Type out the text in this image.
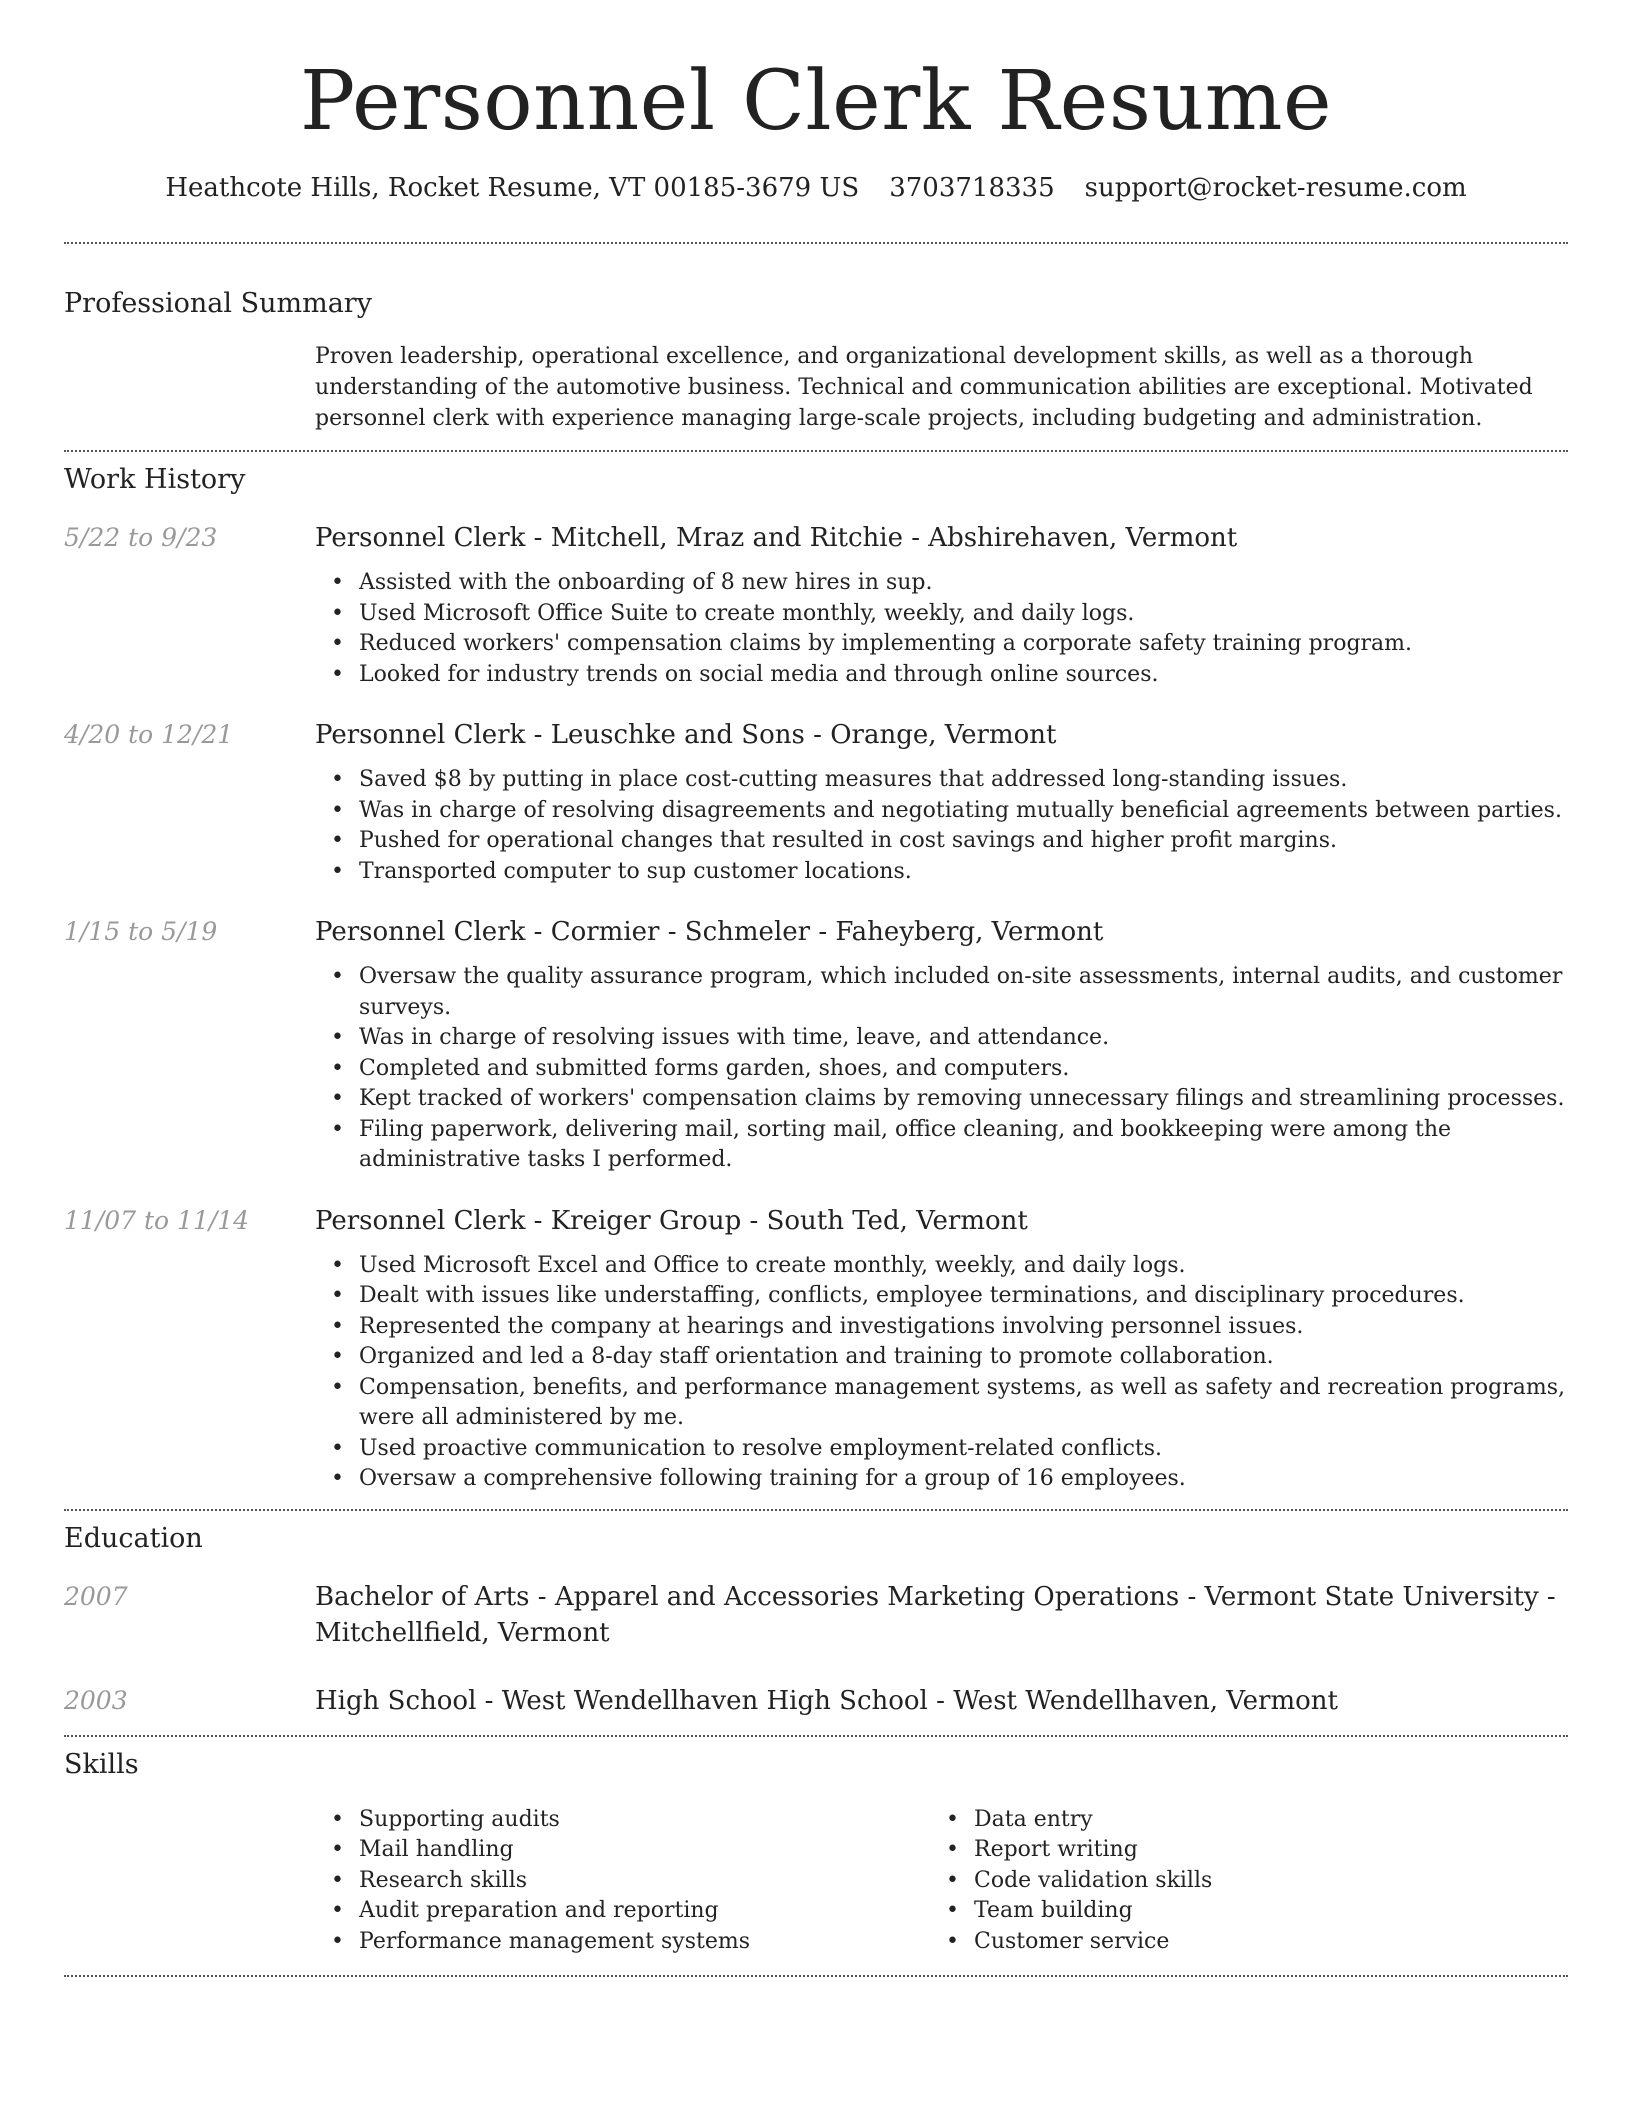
Personnel Clerk Resume
Heathcote Hills, Rocket Resume, VT 00185-3679 US 3703718335 support@rocket-resume.com
Professional Summary
Proven leadership, operational excellence, and organizational development skills, as well as a thorough understanding of the automotive business. Technical and communication abilities are exceptional. Motivated personnel clerk with experience managing large-scale projects, including budgeting and administration.
Work History
5/22 to 9/23	Personnel Clerk - Mitchell, Mraz and Ritchie - Abshirehaven, Vermont
• Assisted with the onboarding of 8 new hires in sup.
• Used Microsoft Office Suite to create monthly, weekly, and daily logs.
• Reduced workers' compensation claims by implementing a corporate safety training program.
• Looked for industry trends on social media and through online sources.
4/20 to 12/21	Personnel Clerk - Leuschke and Sons - Orange, Vermont
• Saved $8 by putting in place cost-cutting measures that addressed long-standing issues.
• Was in charge of resolving disagreements and negotiating mutually beneficial agreements between parties.
• Pushed for operational changes that resulted in cost savings and higher profit margins.
• Transported computer to sup customer locations.
1/15 to 5/19	Personnel Clerk - Cormier - Schmeler - Faheyberg, Vermont
• Oversaw the quality assurance program, which included on-site assessments, internal audits, and customer surveys.
• Was in charge of resolving issues with time, leave, and attendance.
• Completed and submitted forms garden, shoes, and computers.
• Kept tracked of workers' compensation claims by removing unnecessary filings and streamlining processes.
• Filing paperwork, delivering mail, sorting mail, office cleaning, and bookkeeping were among the administrative tasks I performed.
11/07 to 11/14	Personnel Clerk - Kreiger Group - South Ted, Vermont
• Used Microsoft Excel and Office to create monthly, weekly, and daily logs.
• Dealt with issues like understaffing, conflicts, employee terminations, and disciplinary procedures.
• Represented the company at hearings and investigations involving personnel issues.
• Organized and led a 8-day staff orientation and training to promote collaboration.
• Compensation, benefits, and performance management systems, as well as safety and recreation programs, were all administered by me.
• Used proactive communication to resolve employment-related conflicts.
• Oversaw a comprehensive following training for a group of 16 employees.
Education
2007	Bachelor of Arts - Apparel and Accessories Marketing Operations - Vermont State University - Mitchellfield, Vermont
2003	High School - West Wendellhaven High School - West Wendellhaven, Vermont
Skills
• Supporting audits
• Mail handling
• Research skills
• Audit preparation and reporting
• Performance management systems
• Data entry
• Report writing
• Code validation skills
• Team building
• Customer service
